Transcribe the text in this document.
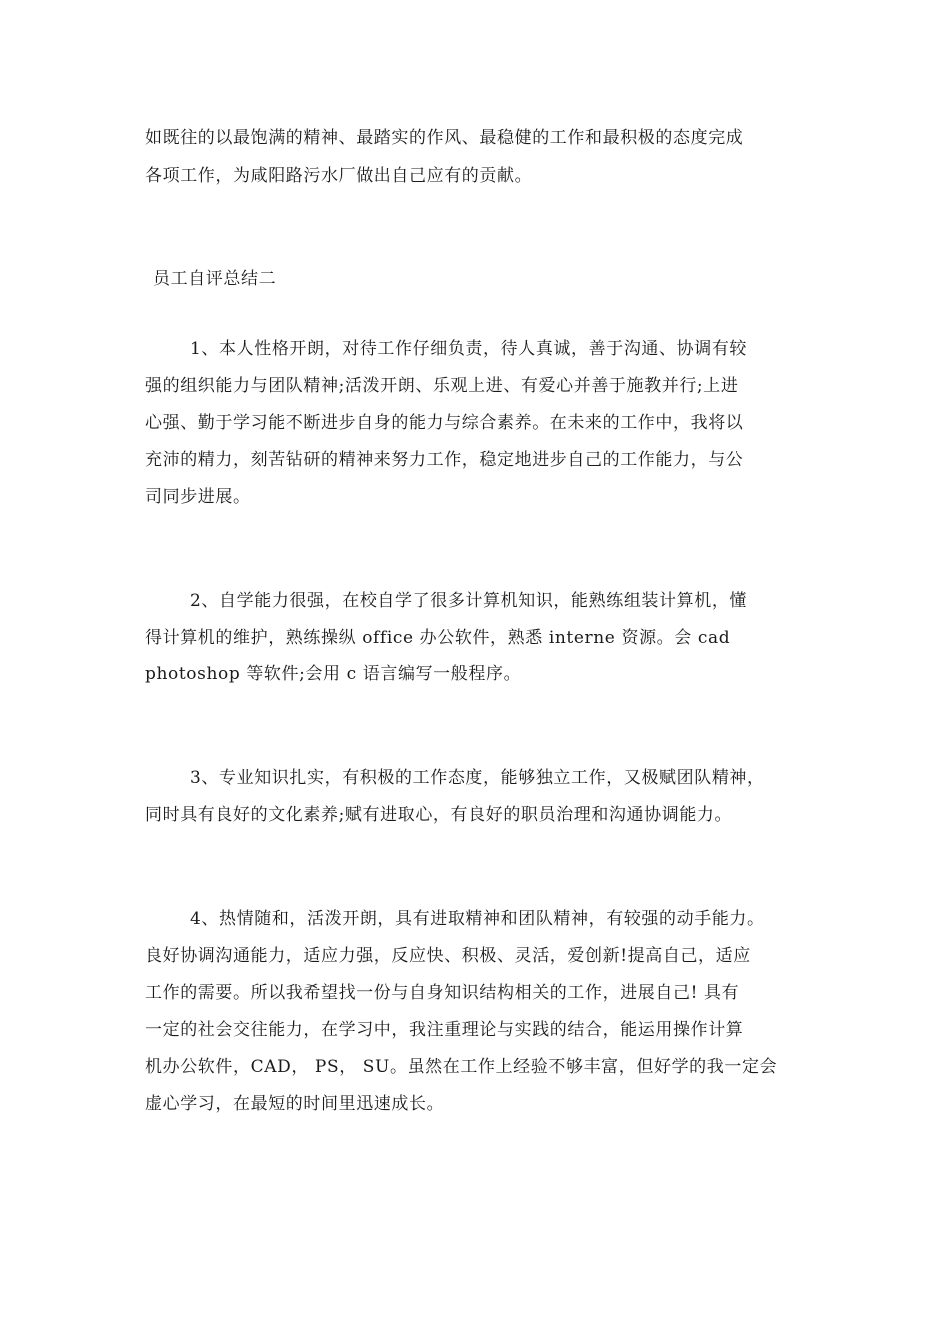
如既往的以最饱满的精神、最踏实的作风、最稳健的工作和最积极的态度完成
各项工作，为咸阳路污水厂做出自己应有的贡献。
员工自评总结二
1、本人性格开朗，对待工作仔细负责，待人真诚，善于沟通、协调有较
强的组织能力与团队精神;活泼开朗、乐观上进、有爱心并善于施教并行;上进
心强、勤于学习能不断进步自身的能力与综合素养。在未来的工作中，我将以
充沛的精力，刻苦钻研的精神来努力工作，稳定地进步自己的工作能力，与公
司同步进展。
2、自学能力很强，在校自学了很多计算机知识，能熟练组装计算机，懂
得计算机的维护，熟练操纵 office 办公软件，熟悉 interne 资源。会 cad
photoshop 等软件;会用 c 语言编写一般程序。
3、专业知识扎实，有积极的工作态度，能够独立工作，又极赋团队精神，
同时具有良好的文化素养;赋有进取心，有良好的职员治理和沟通协调能力。
4、热情随和，活泼开朗，具有进取精神和团队精神，有较强的动手能力。
良好协调沟通能力，适应力强，反应快、积极、灵活，爱创新!提高自己，适应
工作的需要。所以我希望找一份与自身知识结构相关的工作，进展自己! 具有
一定的社会交往能力，在学习中，我注重理论与实践的结合，能运用操作计算
机办公软件，CAD， PS， SU。虽然在工作上经验不够丰富，但好学的我一定会
虚心学习，在最短的时间里迅速成长。
